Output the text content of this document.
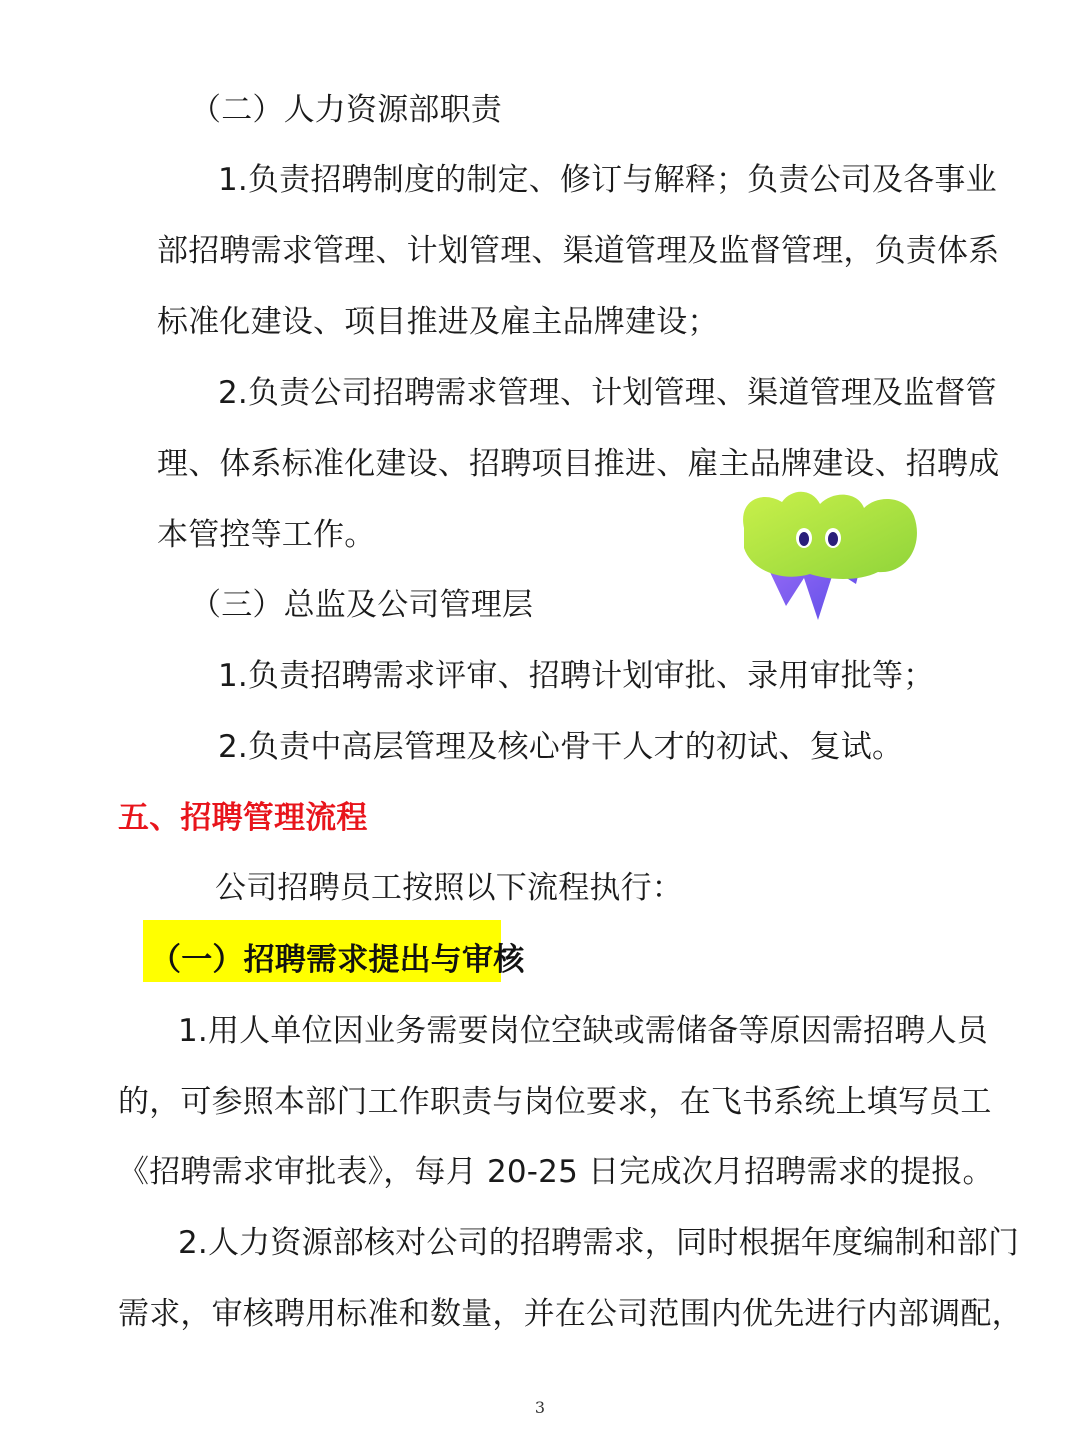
（二）人力资源部职责
1.负责招聘制度的制定、修订与解释；负责公司及各事业
部招聘需求管理、计划管理、渠道管理及监督管理，负责体系
标准化建设、项目推进及雇主品牌建设；
2.负责公司招聘需求管理、计划管理、渠道管理及监督管
理、体系标准化建设、招聘项目推进、雇主品牌建设、招聘成
本管控等工作。
（三）总监及公司管理层
1.负责招聘需求评审、招聘计划审批、录用审批等；
2.负责中高层管理及核心骨干人才的初试、复试。
五、招聘管理流程
公司招聘员工按照以下流程执行：
（一）招聘需求提出与审核
1.用人单位因业务需要岗位空缺或需储备等原因需招聘人员
的，可参照本部门工作职责与岗位要求，在飞书系统上填写员工
《招聘需求审批表》，每月 20-25 日完成次月招聘需求的提报。
2.人力资源部核对公司的招聘需求，同时根据年度编制和部门
需求，审核聘用标准和数量，并在公司范围内优先进行内部调配，
3
